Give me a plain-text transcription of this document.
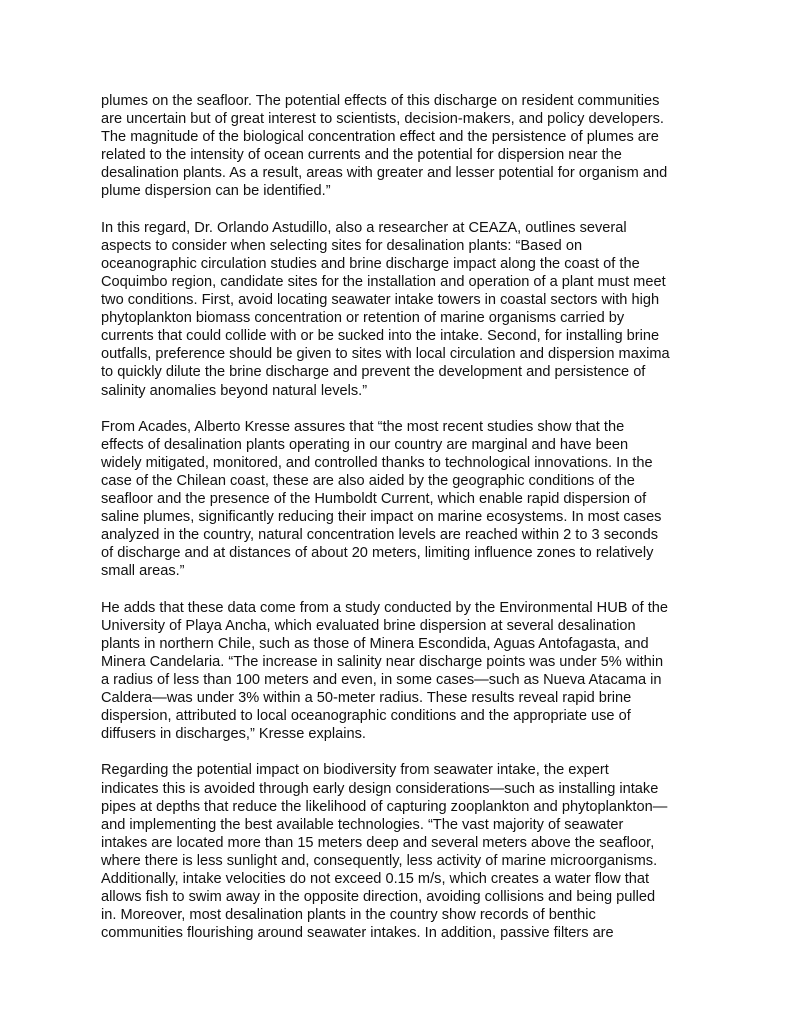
plumes on the seafloor. The potential effects of this discharge on resident communities
are uncertain but of great interest to scientists, decision-makers, and policy developers.
The magnitude of the biological concentration effect and the persistence of plumes are
related to the intensity of ocean currents and the potential for dispersion near the
desalination plants. As a result, areas with greater and lesser potential for organism and
plume dispersion can be identified.”

In this regard, Dr. Orlando Astudillo, also a researcher at CEAZA, outlines several
aspects to consider when selecting sites for desalination plants: “Based on
oceanographic circulation studies and brine discharge impact along the coast of the
Coquimbo region, candidate sites for the installation and operation of a plant must meet
two conditions. First, avoid locating seawater intake towers in coastal sectors with high
phytoplankton biomass concentration or retention of marine organisms carried by
currents that could collide with or be sucked into the intake. Second, for installing brine
outfalls, preference should be given to sites with local circulation and dispersion maxima
to quickly dilute the brine discharge and prevent the development and persistence of
salinity anomalies beyond natural levels.”

From Acades, Alberto Kresse assures that “the most recent studies show that the
effects of desalination plants operating in our country are marginal and have been
widely mitigated, monitored, and controlled thanks to technological innovations. In the
case of the Chilean coast, these are also aided by the geographic conditions of the
seafloor and the presence of the Humboldt Current, which enable rapid dispersion of
saline plumes, significantly reducing their impact on marine ecosystems. In most cases
analyzed in the country, natural concentration levels are reached within 2 to 3 seconds
of discharge and at distances of about 20 meters, limiting influence zones to relatively
small areas.”

He adds that these data come from a study conducted by the Environmental HUB of the
University of Playa Ancha, which evaluated brine dispersion at several desalination
plants in northern Chile, such as those of Minera Escondida, Aguas Antofagasta, and
Minera Candelaria. “The increase in salinity near discharge points was under 5% within
a radius of less than 100 meters and even, in some cases—such as Nueva Atacama in
Caldera—was under 3% within a 50-meter radius. These results reveal rapid brine
dispersion, attributed to local oceanographic conditions and the appropriate use of
diffusers in discharges,” Kresse explains.

Regarding the potential impact on biodiversity from seawater intake, the expert
indicates this is avoided through early design considerations—such as installing intake
pipes at depths that reduce the likelihood of capturing zooplankton and phytoplankton—
and implementing the best available technologies. “The vast majority of seawater
intakes are located more than 15 meters deep and several meters above the seafloor,
where there is less sunlight and, consequently, less activity of marine microorganisms.
Additionally, intake velocities do not exceed 0.15 m/s, which creates a water flow that
allows fish to swim away in the opposite direction, avoiding collisions and being pulled
in. Moreover, most desalination plants in the country show records of benthic
communities flourishing around seawater intakes. In addition, passive filters are
